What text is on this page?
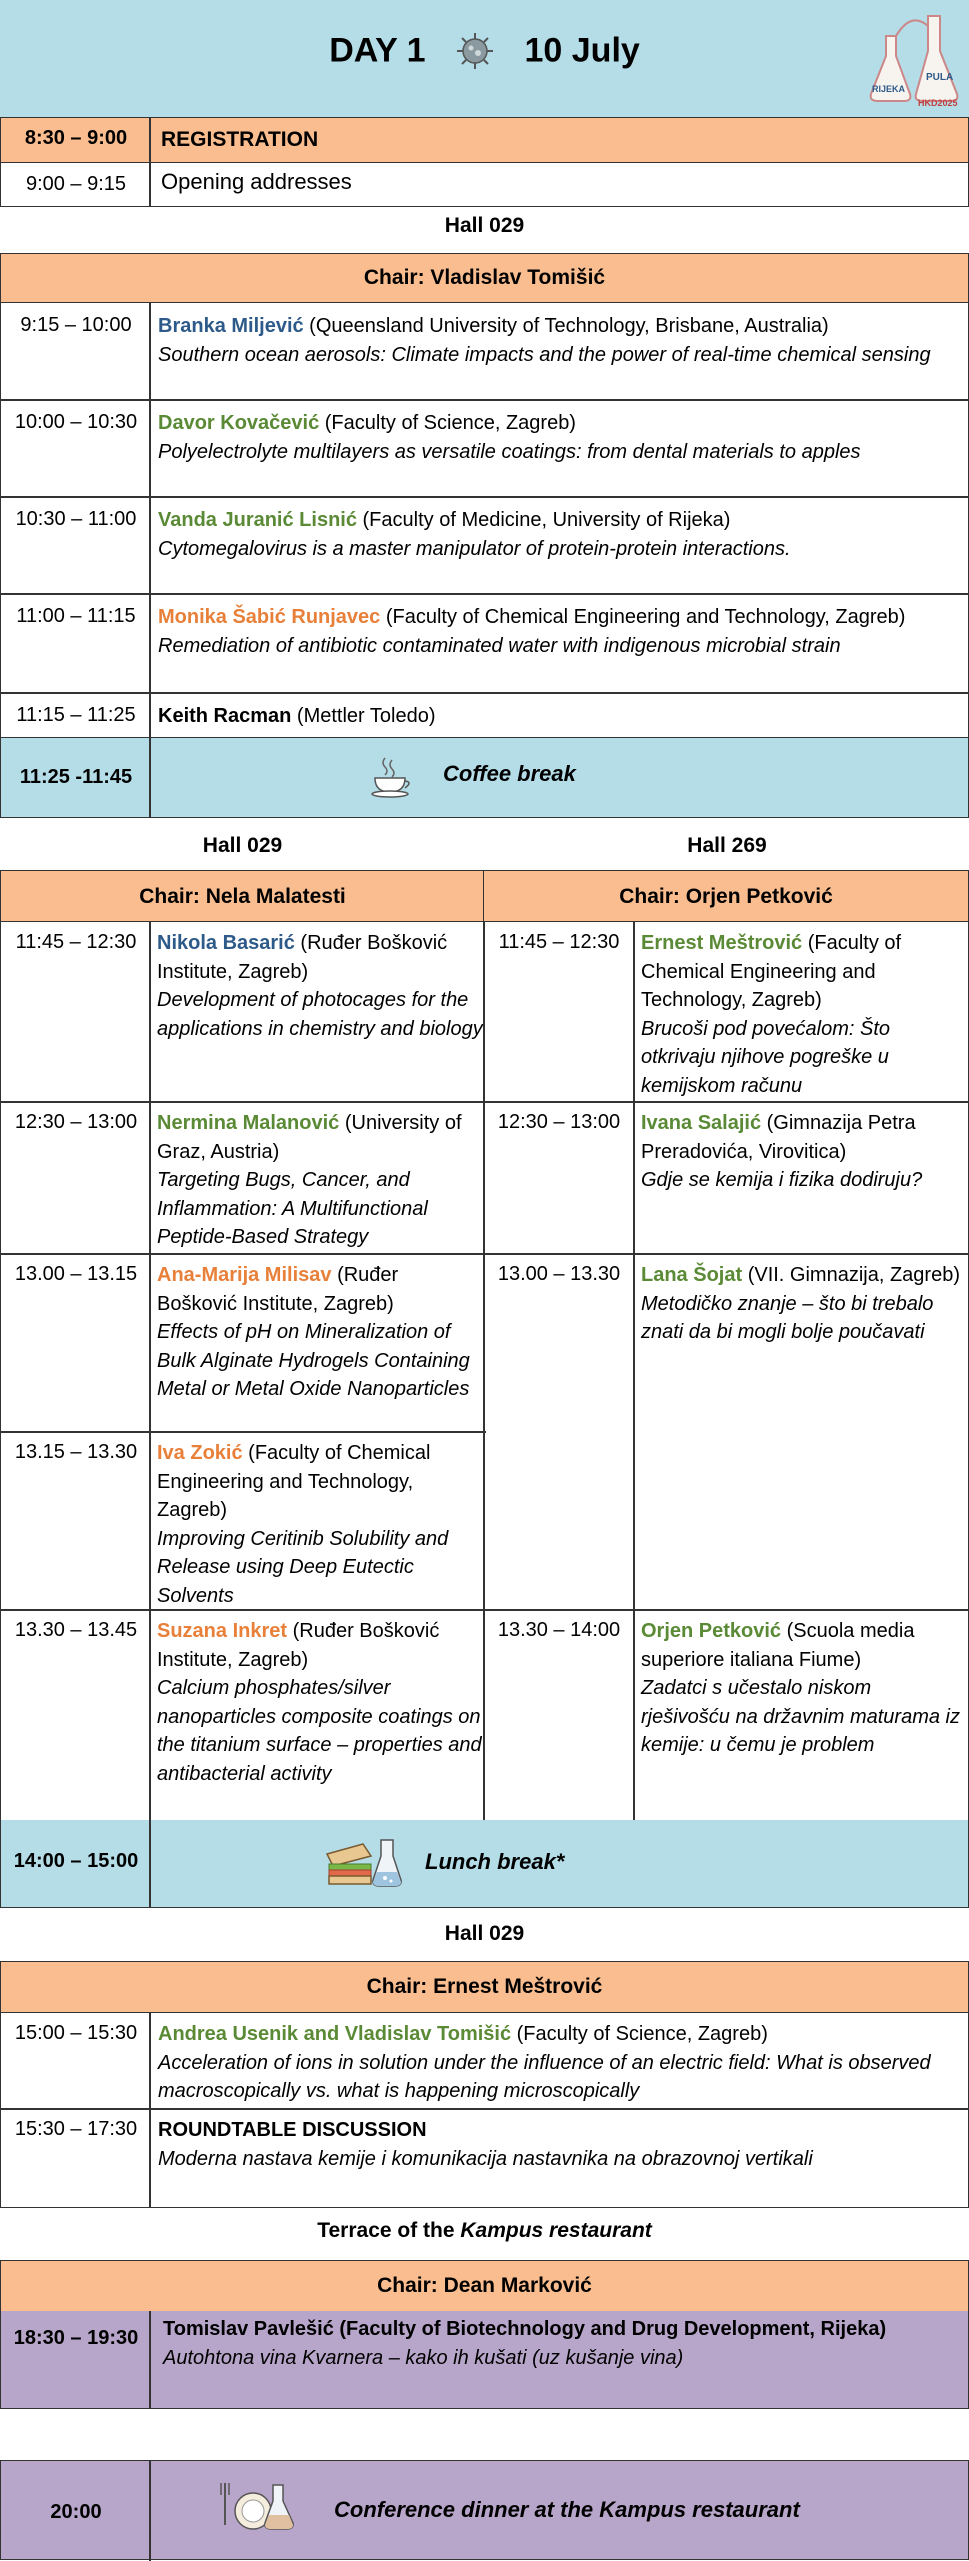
DAY 1	10 July
RIJEKA
PULA
HKD2025
8:30 – 9:00	REGISTRATION
9:00 – 9:15	Opening addresses
Hall 029
Chair: Vladislav Tomišić
9:15 – 10:00	Branka Miljević (Queensland University of Technology, Brisbane, Australia)
Southern ocean aerosols: Climate impacts and the power of real-time chemical sensing
10:00 – 10:30	Davor Kovačević (Faculty of Science, Zagreb)
Polyelectrolyte multilayers as versatile coatings: from dental materials to apples
10:30 – 11:00	Vanda Juranić Lisnić (Faculty of Medicine, University of Rijeka)
Cytomegalovirus is a master manipulator of protein-protein interactions.
11:00 – 11:15	Monika Šabić Runjavec (Faculty of Chemical Engineering and Technology, Zagreb)
Remediation of antibiotic contaminated water with indigenous microbial strain
11:15 – 11:25	Keith Racman (Mettler Toledo)
11:25 -11:45	Coffee break
Hall 029	Hall 269
Chair: Nela Malatesti	Chair: Orjen Petković
11:45 – 12:30	Nikola Basarić (Ruđer Bošković Institute, Zagreb)
Development of photocages for the applications in chemistry and biology
12:30 – 13:00 Nermina Malanović (University of Graz, Austria)
Targeting Bugs, Cancer, and Inflammation: A Multifunctional Peptide-Based Strategy
13.00 – 13.15 Ana-Marija Milisav (Ruđer Bošković Institute, Zagreb)
Effects of pH on Mineralization of Bulk Alginate Hydrogels Containing Metal or Metal Oxide Nanoparticles
13.15 – 13.30 Iva Zokić (Faculty of Chemical Engineering and Technology, Zagreb)
Improving Ceritinib Solubility and Release using Deep Eutectic Solvents
13.30 – 13.45 Suzana Inkret (Ruđer Bošković Institute, Zagreb)
Calcium phosphates/silver nanoparticles composite coatings on the titanium surface – properties and antibacterial activity
11:45 – 12:30	Ernest Meštrović (Faculty of Chemical Engineering and Technology, Zagreb)
Brucoši pod povećalom: Što otkrivaju njihove pogreške u kemijskom računu
12:30 – 13:00	Ivana Salajić (Gimnazija Petra Preradovića, Virovitica)
Gdje se kemija i fizika dodiruju?
13.00 – 13.30	Lana Šojat (VII. Gimnazija, Zagreb)
Metodičko znanje – što bi trebalo znati da bi mogli bolje poučavati
13.30 – 14:00	Orjen Petković (Scuola media superiore italiana Fiume)
Zadatci s učestalo niskom rješivošću na državnim maturama iz kemije: u čemu je problem
14:00 – 15:00	Lunch break*
Hall 029
Chair: Ernest Meštrović
15:00 – 15:30	Andrea Usenik and Vladislav Tomišić (Faculty of Science, Zagreb)
Acceleration of ions in solution under the influence of an electric field: What is observed macroscopically vs. what is happening microscopically
15:30 – 17:30	ROUNDTABLE DISCUSSION
Moderna nastava kemije i komunikacija nastavnika na obrazovnoj vertikali
Terrace of the Kampus restaurant
Chair: Dean Marković
18:30 – 19:30	Tomislav Pavlešić (Faculty of Biotechnology and Drug Development, Rijeka)
Autohtona vina Kvarnera – kako ih kušati (uz kušanje vina)
20:00	Conference dinner at the Kampus restaurant
